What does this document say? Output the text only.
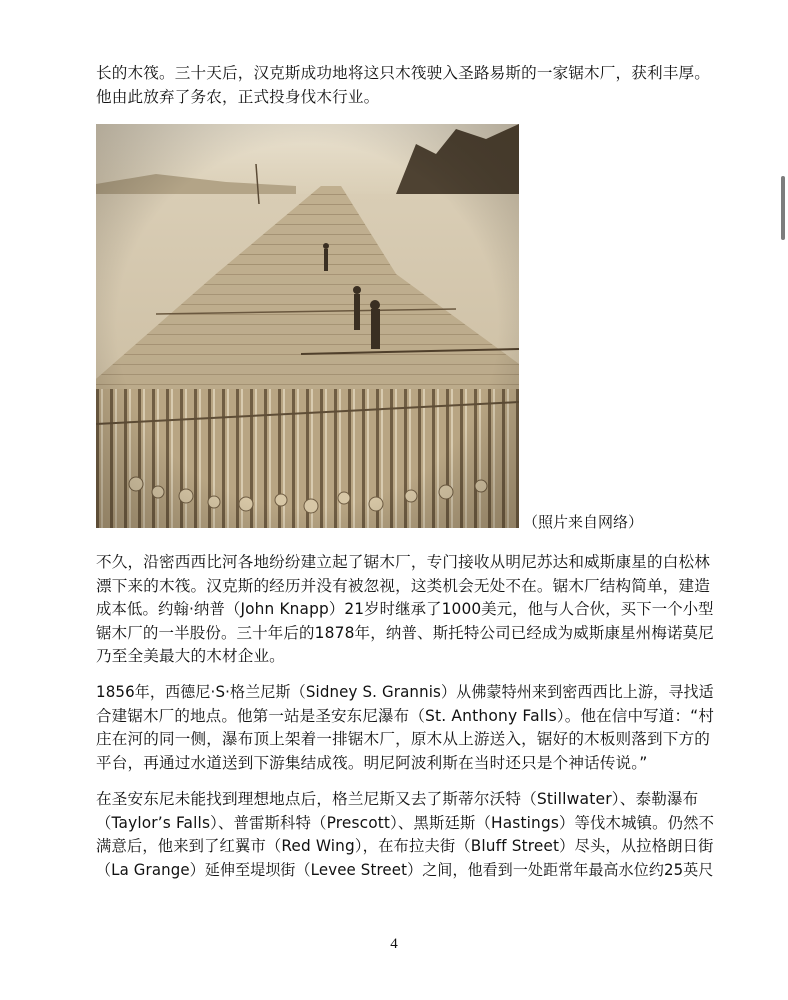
长的木筏。三十天后，汉克斯成功地将这只木筏驶入圣路易斯的一家锯木厂，获利丰厚。
他由此放弃了务农，正式投身伐木行业。

（照片来自网络）

不久，沿密西西比河各地纷纷建立起了锯木厂，专门接收从明尼苏达和威斯康星的白松林
漂下来的木筏。汉克斯的经历并没有被忽视，这类机会无处不在。锯木厂结构简单，建造
成本低。约翰·纳普（John Knapp）21岁时继承了1000美元，他与人合伙，买下一个小型
锯木厂的一半股份。三十年后的1878年，纳普、斯托特公司已经成为威斯康星州梅诺莫尼
乃至全美最大的木材企业。

1856年，西德尼·S·格兰尼斯（Sidney S. Grannis）从佛蒙特州来到密西西比上游，寻找适
合建锯木厂的地点。他第一站是圣安东尼瀑布（St. Anthony Falls）。他在信中写道：“村
庄在河的同一侧，瀑布顶上架着一排锯木厂，原木从上游送入，锯好的木板则落到下方的
平台，再通过水道送到下游集结成筏。明尼阿波利斯在当时还只是个神话传说。”

在圣安东尼未能找到理想地点后，格兰尼斯又去了斯蒂尔沃特（Stillwater）、泰勒瀑布
（Taylor’s Falls）、普雷斯科特（Prescott）、黑斯廷斯（Hastings）等伐木城镇。仍然不
满意后，他来到了红翼市（Red Wing），在布拉夫街（Bluff Street）尽头，从拉格朗日街
（La Grange）延伸至堤坝街（Levee Street）之间，他看到一处距常年最高水位约25英尺

4
